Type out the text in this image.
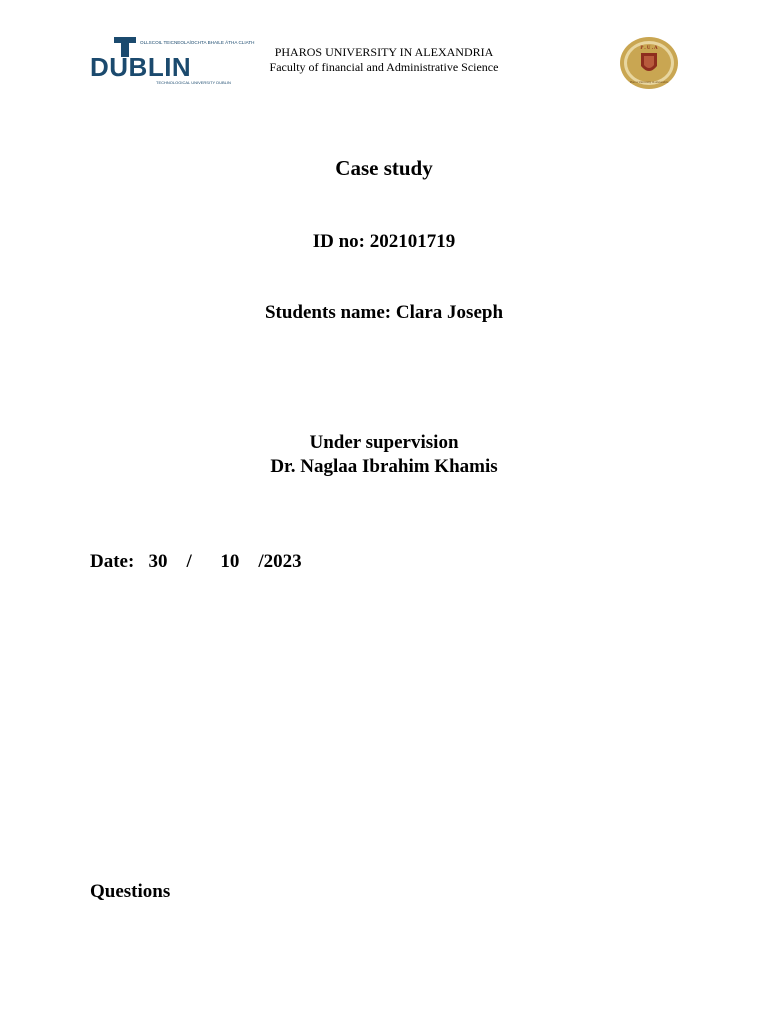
OLLSCOIL TEICNEOLAÍOCHTA BHAILE ÁTHA CLIATH
DUBLIN
TECHNOLOGICAL UNIVERSITY DUBLIN
PHAROS UNIVERSITY IN ALEXANDRIA
Faculty of financial and Administrative Science
P . U . A
Pharos University in Alexandria
Case study
ID no: 202101719
Students name: Clara Joseph
Under supervision
Dr. Naglaa Ibrahim Khamis
Date:   30    /      10    /2023
Questions
